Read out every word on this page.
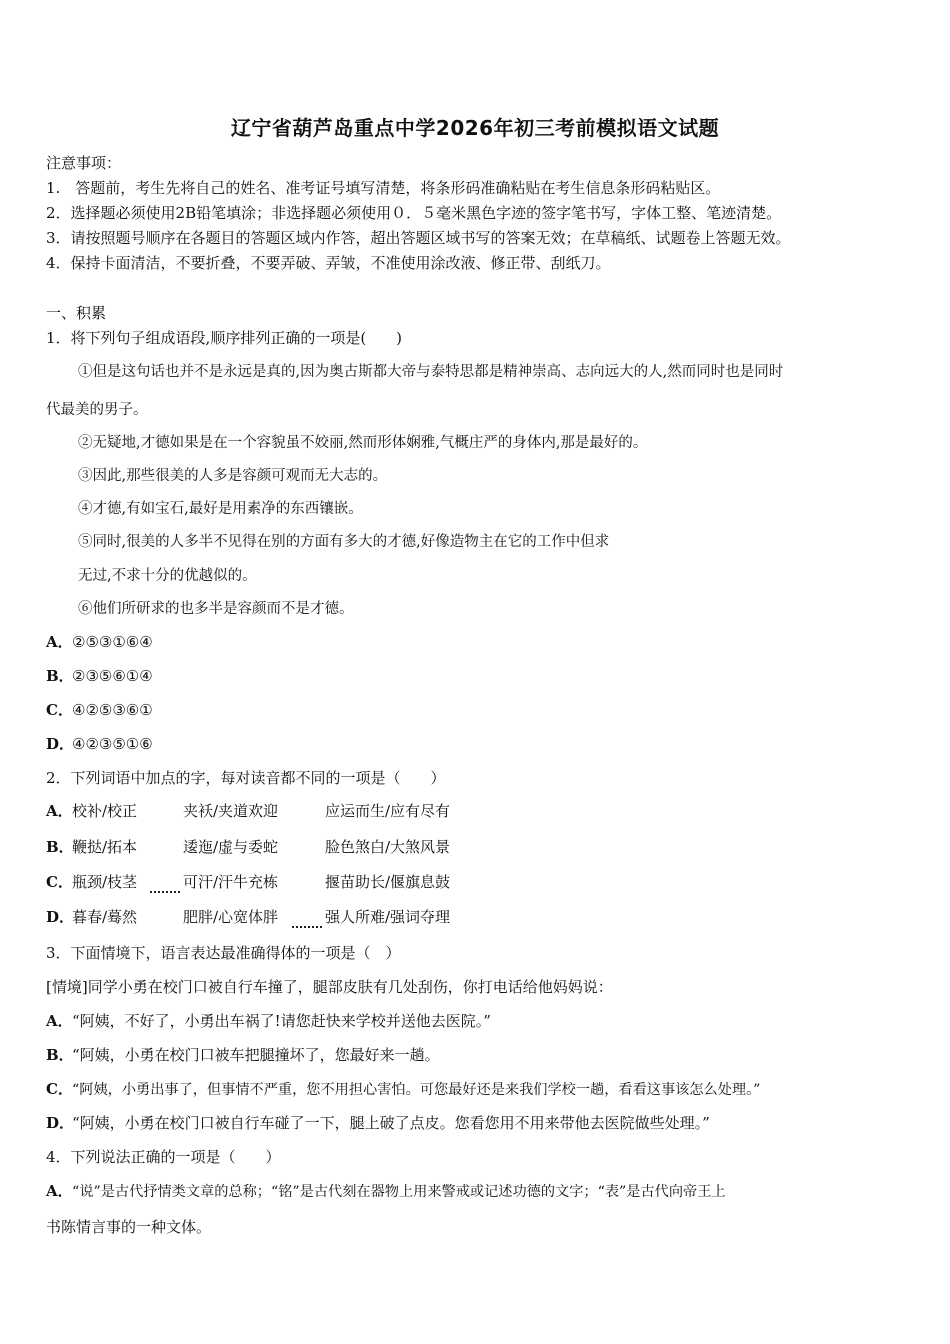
辽宁省葫芦岛重点中学2026年初三考前模拟语文试题
注意事项：
1.　答题前，考生先将自己的姓名、准考证号填写清楚，将条形码准确粘贴在考生信息条形码粘贴区。
2．选择题必须使用2B铅笔填涂；非选择题必须使用０．５毫米黑色字迹的签字笔书写，字体工整、笔迹清楚。
3．请按照题号顺序在各题目的答题区域内作答，超出答题区域书写的答案无效；在草稿纸、试题卷上答题无效。
4．保持卡面清洁，不要折叠，不要弄破、弄皱，不准使用涂改液、修正带、刮纸刀。
一、积累
1．将下列句子组成语段,顺序排列正确的一项是(　　)
①但是这句话也并不是永远是真的,因为奥古斯都大帝与泰特思都是精神崇高、志向远大的人,然而同时也是同时
代最美的男子。
②无疑地,才德如果是在一个容貌虽不姣丽,然而形体娴雅,气概庄严的身体内,那是最好的。
③因此,那些很美的人多是容颜可观而无大志的。
④才德,有如宝石,最好是用素净的东西镶嵌。
⑤同时,很美的人多半不见得在别的方面有多大的才德,好像造物主在它的工作中但求
无过,不求十分的优越似的。
⑥他们所研求的也多半是容颜而不是才德。
A．②⑤③①⑥④
B．②③⑤⑥①④
C．④②⑤③⑥①
D．④②③⑤①⑥
2．下列词语中加点的字，每对读音都不同的一项是（　　）
A．校补/校正	夹袄/夹道欢迎	应运而生/应有尽有
B．鞭挞/拓本	逶迤/虚与委蛇	脸色煞白/大煞风景
C．瓶颈/枝茎	可汗/汗牛充栋	揠苗助长/偃旗息鼓
D．暮春/蓦然	肥胖/心宽体胖	强人所难/强词夺理
3．下面情境下，语言表达最准确得体的一项是（　）
[情境]同学小勇在校门口被自行车撞了，腿部皮肤有几处刮伤，你打电话给他妈妈说：
A．“阿姨，不好了，小勇出车祸了!请您赶快来学校并送他去医院。”
B．“阿姨，小勇在校门口被车把腿撞坏了，您最好来一趟。
C．“阿姨，小勇出事了，但事情不严重，您不用担心害怕。可您最好还是来我们学校一趟，看看这事该怎么处理。”
D．“阿姨，小勇在校门口被自行车碰了一下，腿上破了点皮。您看您用不用来带他去医院做些处理。”
4．下列说法正确的一项是（　　）
A．“说”是古代抒情类文章的总称；“铭”是古代刻在器物上用来警戒或记述功德的文字；“表”是古代向帝王上
书陈情言事的一种文体。
